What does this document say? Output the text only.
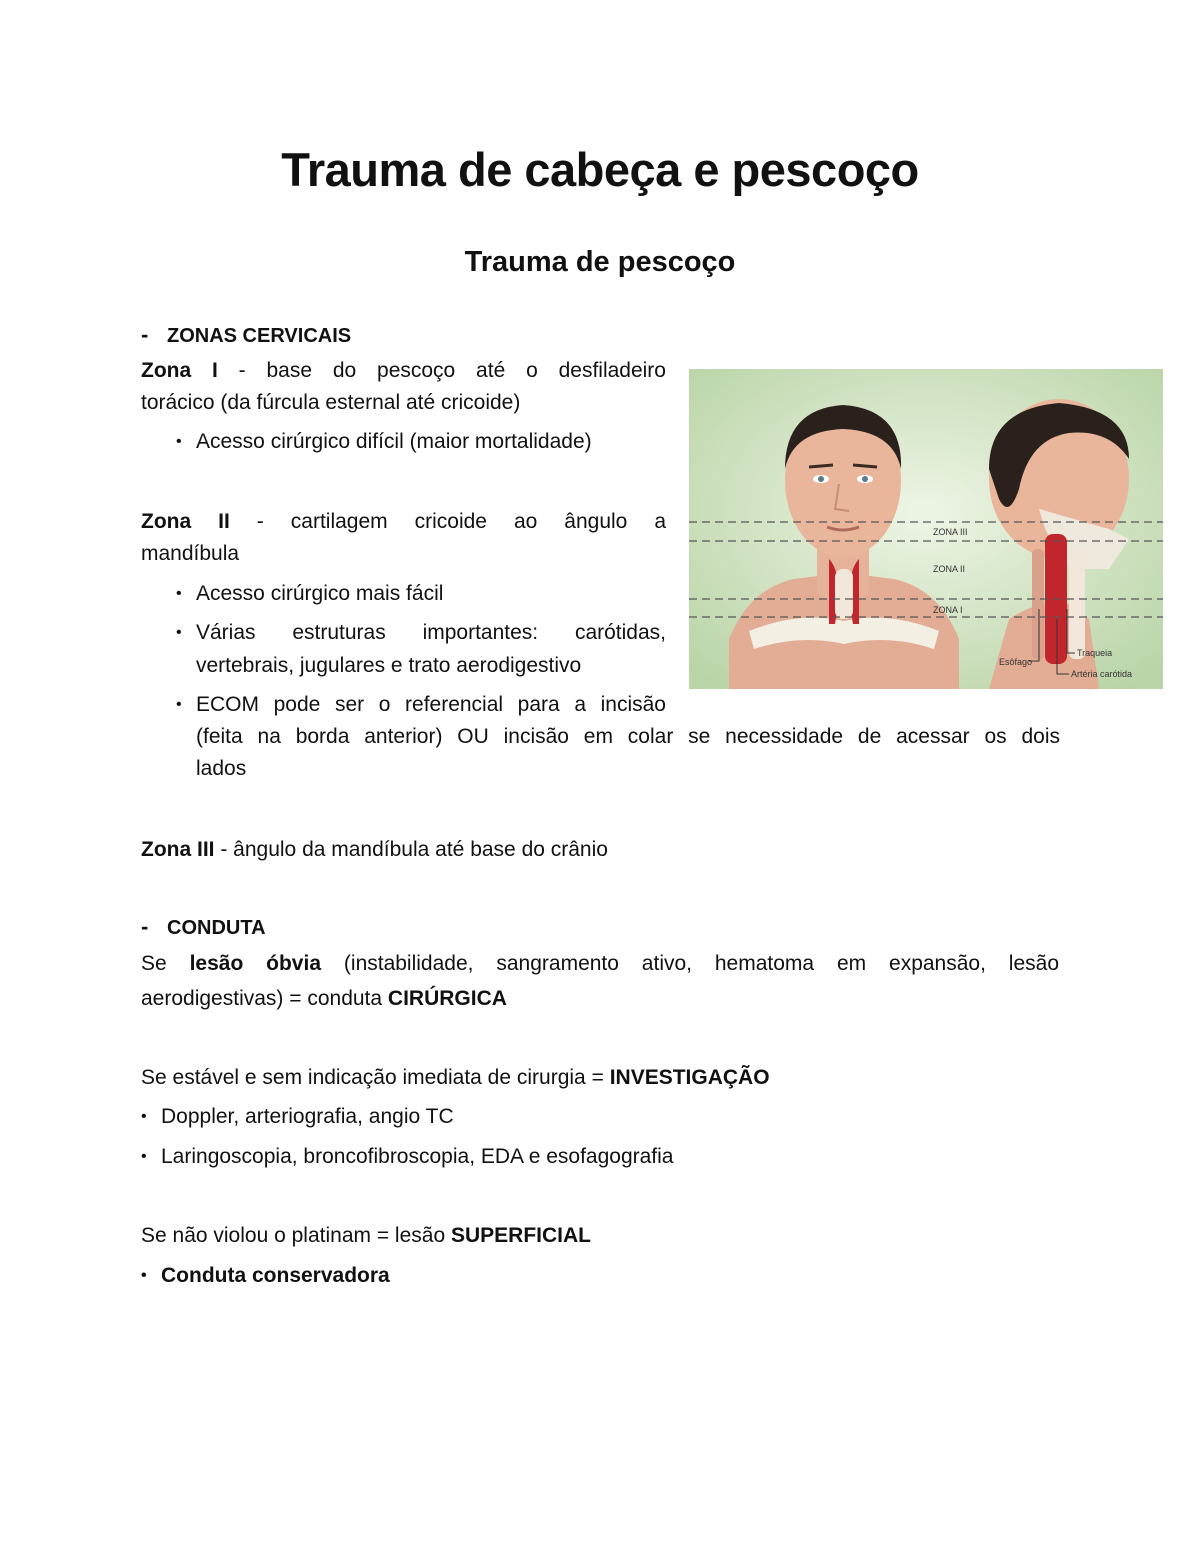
Trauma de cabeça e pescoço
Trauma de pescoço
- ZONAS CERVICAIS
Zona I - base do pescoço até o desfiladeiro
torácico (da fúrcula esternal até cricoide)
• Acesso cirúrgico difícil (maior mortalidade)
Zona II - cartilagem cricoide ao ângulo a
mandíbula
• Acesso cirúrgico mais fácil
• Várias estruturas importantes: carótidas,
vertebrais, jugulares e trato aerodigestivo
• ECOM pode ser o referencial para a incisão
(feita na borda anterior) OU incisão em colar se necessidade de acessar os dois
lados
Zona III - ângulo da mandíbula até base do crânio
ZONA III
ZONA II
ZONA I
Esôfago
Traqueia
Artéria carótida
- CONDUTA
Se lesão óbvia (instabilidade, sangramento ativo, hematoma em expansão, lesão
aerodigestivas) = conduta CIRÚRGICA
Se estável e sem indicação imediata de cirurgia = INVESTIGAÇÃO
• Doppler, arteriografia, angio TC
• Laringoscopia, broncofibroscopia, EDA e esofagografia
Se não violou o platinam = lesão SUPERFICIAL
• Conduta conservadora
